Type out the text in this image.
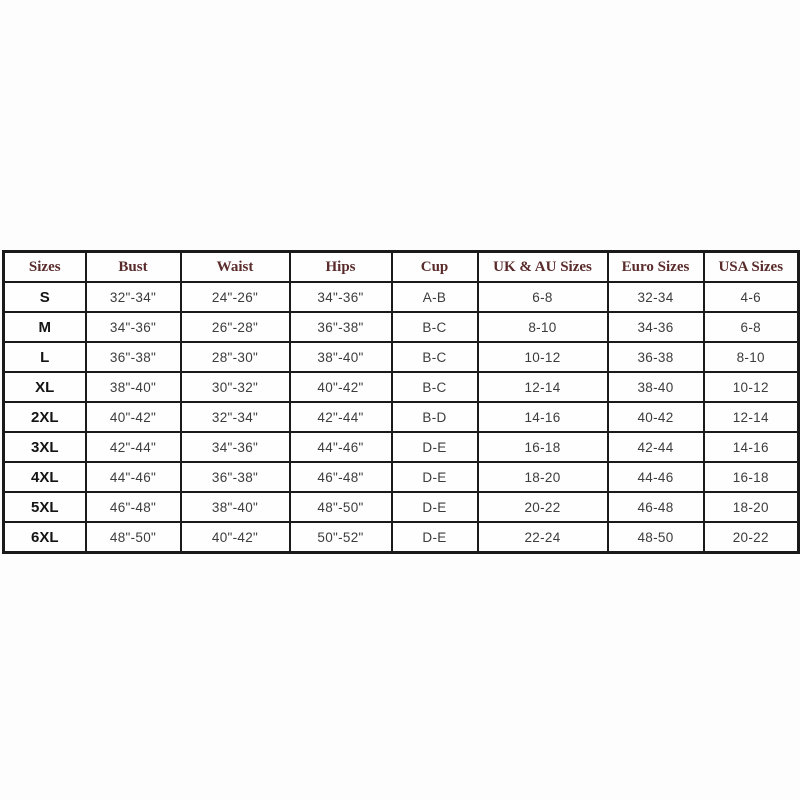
Sizes	Bust	Waist	Hips	Cup	UK & AU Sizes	Euro Sizes	USA Sizes
S	32"-34"	24"-26"	34"-36"	A-B	6-8	32-34	4-6
M	34"-36"	26"-28"	36"-38"	B-C	8-10	34-36	6-8
L	36"-38"	28"-30"	38"-40"	B-C	10-12	36-38	8-10
XL	38"-40"	30"-32"	40"-42"	B-C	12-14	38-40	10-12
2XL	40"-42"	32"-34"	42"-44"	B-D	14-16	40-42	12-14
3XL	42"-44"	34"-36"	44"-46"	D-E	16-18	42-44	14-16
4XL	44"-46"	36"-38"	46"-48"	D-E	18-20	44-46	16-18
5XL	46"-48"	38"-40"	48"-50"	D-E	20-22	46-48	18-20
6XL	48"-50"	40"-42"	50"-52"	D-E	22-24	48-50	20-22
